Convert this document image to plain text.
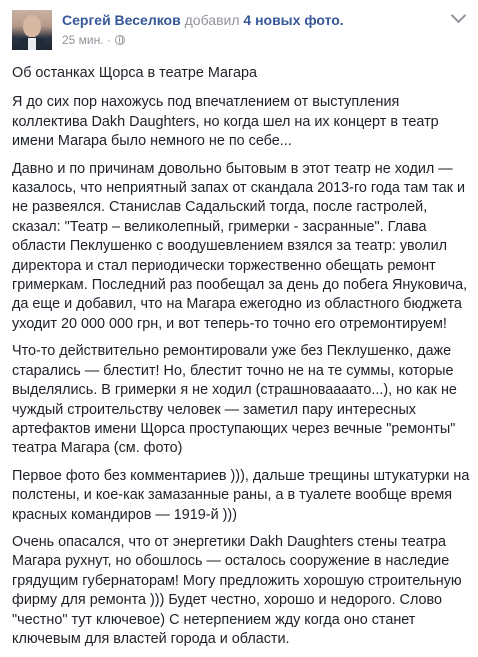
Сергей Веселков добавил 4 новых фото.
25 мин. ·

Об останках Щорса в театре Магара

Я до сих пор нахожусь под впечатлением от выступления коллектива Dakh Daughters, но когда шел на их концерт в театр имени Магара было немного не по себе...

Давно и по причинам довольно бытовым в этот театр не ходил — казалось, что неприятный запах от скандала 2013-го года там так и не развеялся. Станислав Садальский тогда, после гастролей, сказал: "Театр – великолепный, гримерки - засранные". Глава области Пеклушенко с воодушевлением взялся за театр: уволил директора и стал периодически торжественно обещать ремонт гримеркам. Последний раз пообещал за день до побега Януковича, да еще и добавил, что на Магара ежегодно из областного бюджета уходит 20 000 000 грн, и вот теперь-то точно его отремонтируем!

Что-то действительно ремонтировали уже без Пеклушенко, даже старались — блестит! Но, блестит точно не на те суммы, которые выделялись. В гримерки я не ходил (страшноваааато...), но как не чуждый строительству человек — заметил пару интересных артефактов имени Щорса проступающих через вечные "ремонты" театра Магара (см. фото)

Первое фото без комментариев ))), дальше трещины штукатурки на полстены, и кое-как замазанные раны, а в туалете вообще время красных командиров — 1919-й )))

Очень опасался, что от энергетики Dakh Daughters стены театра Магара рухнут, но обошлось — осталось сооружение в наследие грядущим губернаторам! Могу предложить хорошую строительную фирму для ремонта ))) Будет честно, хорошо и недорого. Слово "честно" тут ключевое) С нетерпением жду когда оно станет ключевым для властей города и области.
